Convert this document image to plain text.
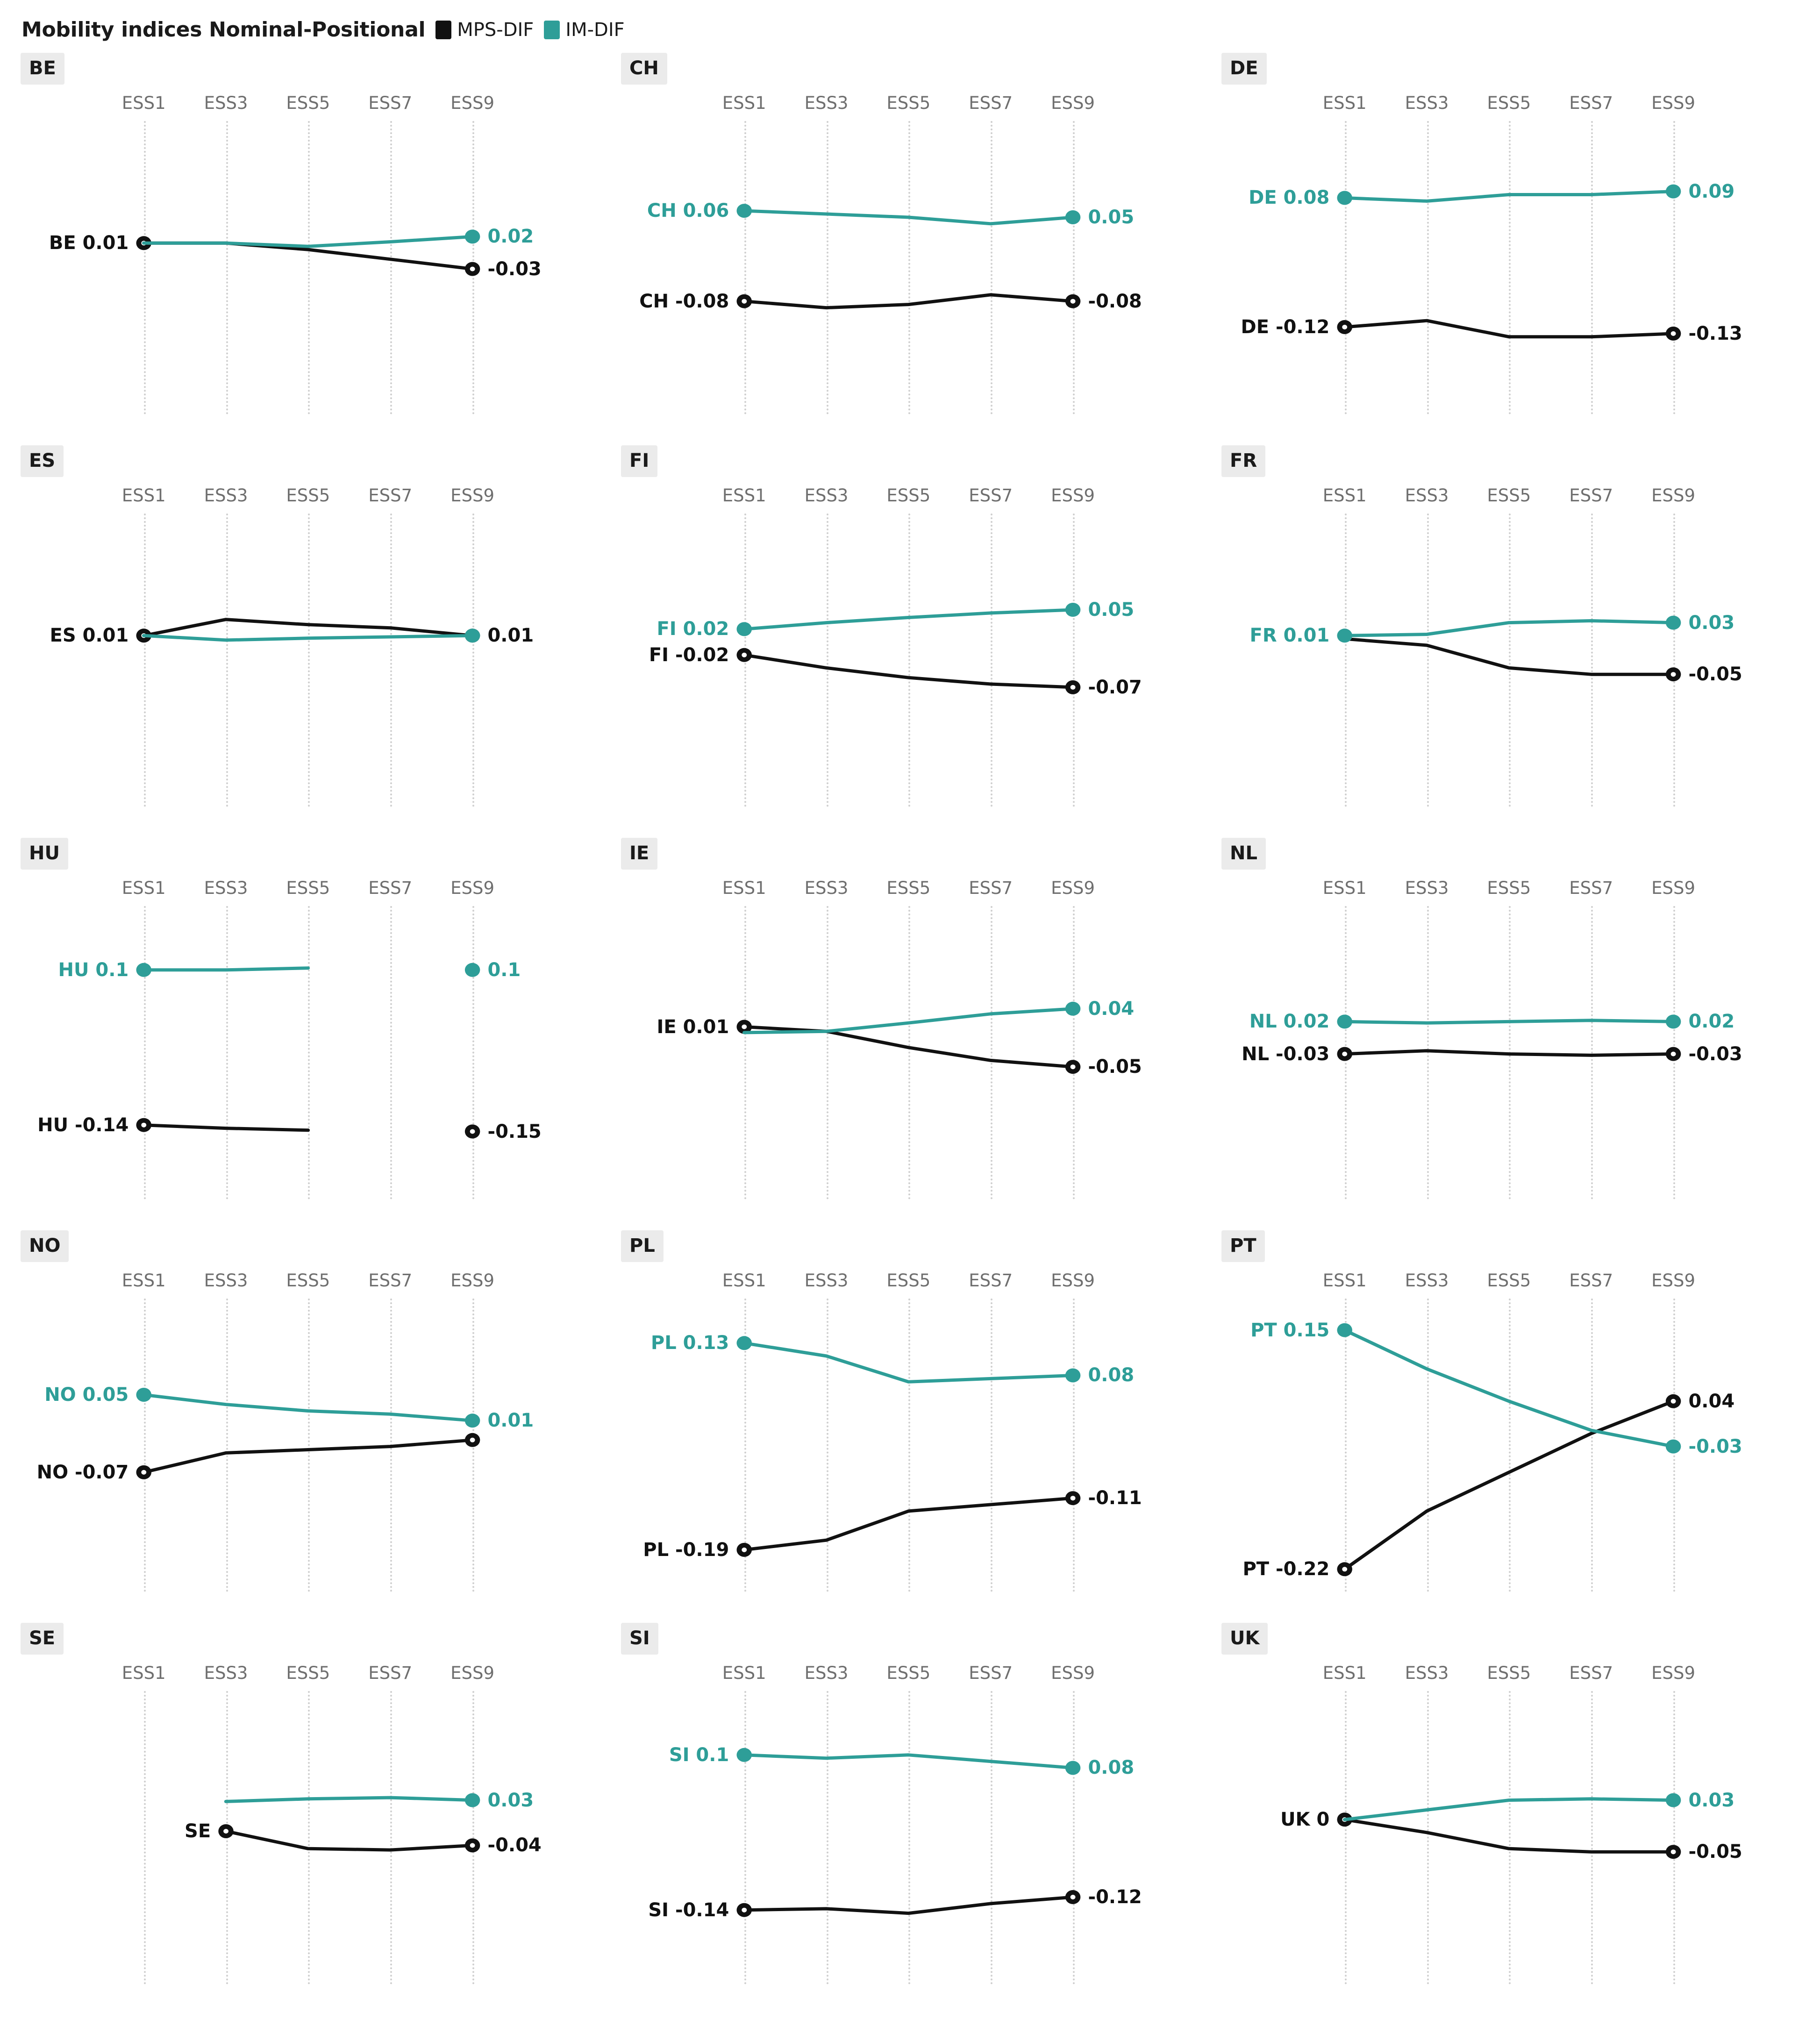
Mobility indices Nominal-Positional MPS-DIF IM-DIF
BE
ESS1 ESS3 ESS5 ESS7 ESS9
BE 0.01
-0.03
0.02
CH
ESS1 ESS3 ESS5 ESS7 ESS9
CH -0.08	-0.08
CH 0.06	0.05
DE
ESS1 ESS3 ESS5 ESS7 ESS9
DE -0.12	-0.13
DE 0.08	0.09
ES
ESS1 ESS3 ESS5 ESS7 ESS9
ES 0.01	0.01
FI
ESS1 ESS3 ESS5 ESS7 ESS9
FI -0.02
-0.07
FI 0.02
0.05
FR
ESS1 ESS3 ESS5 ESS7 ESS9
-0.05
FR 0.01
0.03
HU
ESS1 ESS3 ESS5 ESS7 ESS9
HU -0.14	-0.15
HU 0.1	0.1
IE
ESS1 ESS3 ESS5 ESS7 ESS9
IE 0.01
-0.05
0.04
NL
ESS1 ESS3 ESS5 ESS7 ESS9
NL -0.03	-0.03
NL 0.02	0.02
NO
ESS1 ESS3 ESS5 ESS7 ESS9
NO -0.07
NO 0.05
0.01
PL
ESS1 ESS3 ESS5 ESS7 ESS9
PL -0.19
-0.11
PL 0.13
0.08
PT
ESS1 ESS3 ESS5 ESS7 ESS9
PT -0.22
0.04
PT 0.15
-0.03
SE
ESS1 ESS3 ESS5 ESS7 ESS9
SE
-0.04
0.03
SI
ESS1 ESS3 ESS5 ESS7 ESS9
SI -0.14
-0.12
SI 0.1
0.08
UK
ESS1 ESS3 ESS5 ESS7 ESS9
UK 0
-0.05
0.03
